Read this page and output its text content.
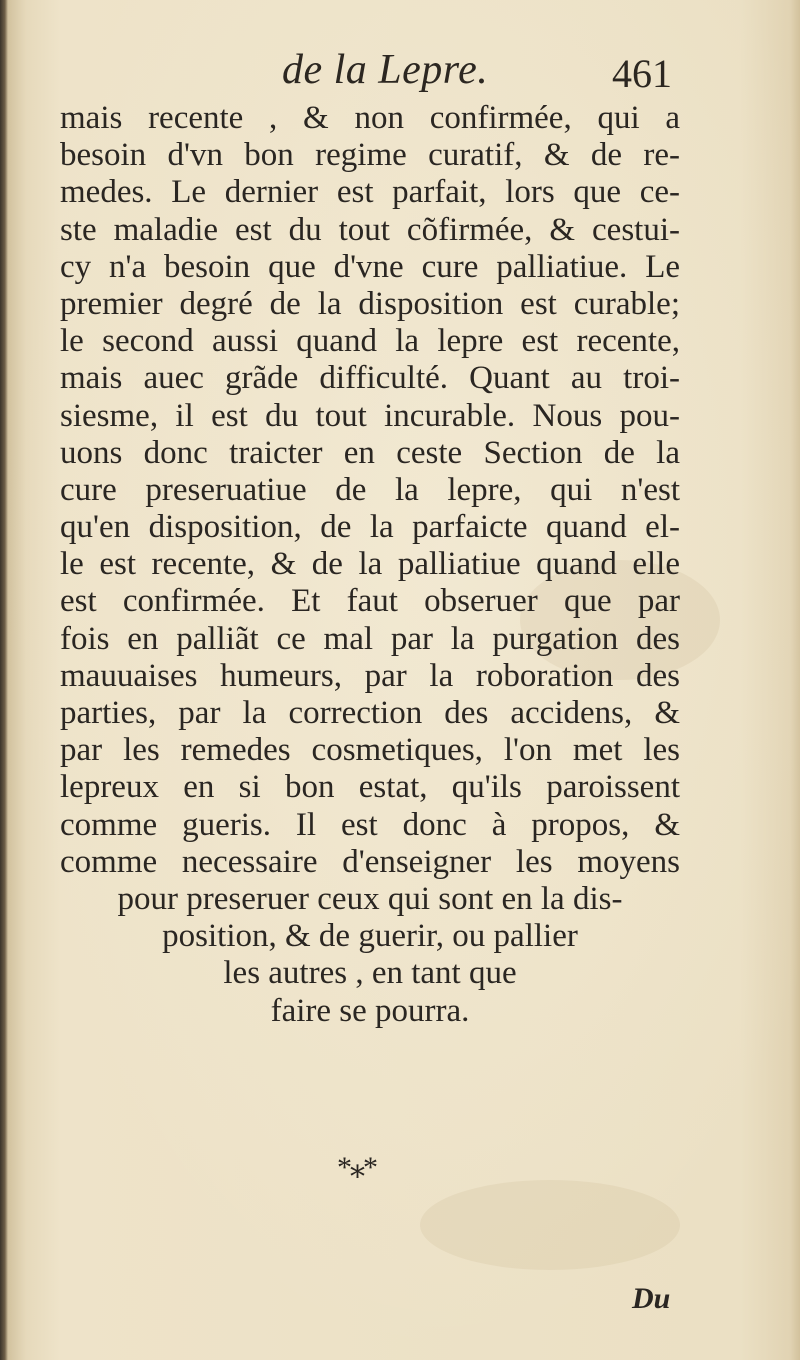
de la Lepre.	461
mais recente , & non confirmée, qui a
besoin d'vn bon regime curatif, & de re-
medes. Le dernier est parfait, lors que ce-
ste maladie est du tout cõfirmée, & cestui-
cy n'a besoin que d'vne cure palliatiue. Le
premier degré de la disposition est curable;
le second aussi quand la lepre est recente,
mais auec grãde difficulté. Quant au troi-
siesme, il est du tout incurable. Nous pou-
uons donc traicter en ceste Section de la
cure preseruatiue de la lepre, qui n'est
qu'en disposition, de la parfaicte quand el-
le est recente, & de la palliatiue quand elle
est confirmée. Et faut obseruer que par
fois en palliãt ce mal par la purgation des
mauuaises humeurs, par la roboration des
parties, par la correction des accidens, &
par les remedes cosmetiques, l'on met les
lepreux en si bon estat, qu'ils paroissent
comme gueris. Il est donc à propos, &
comme necessaire d'enseigner les moyens
pour preseruer ceux qui sont en la dis-
position, & de guerir, ou pallier
les autres , en tant que
faire se pourra.
*⁎*
Du
